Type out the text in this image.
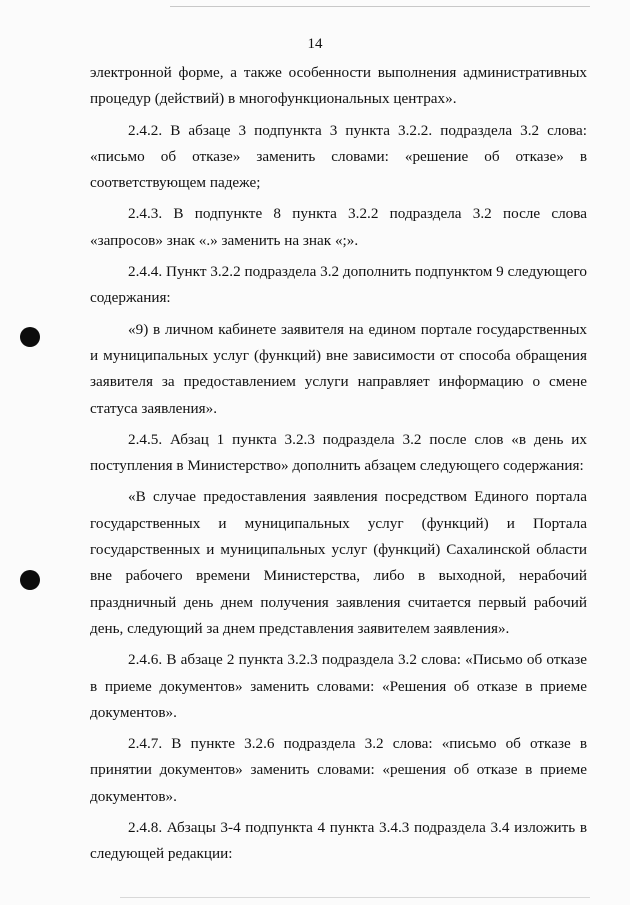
14

электронной форме, а также особенности выполнения административных процедур (действий) в многофункциональных центрах».

2.4.2. В абзаце 3 подпункта 3 пункта 3.2.2. подраздела 3.2 слова: «письмо об отказе» заменить словами: «решение об отказе» в соответствующем падеже;

2.4.3. В подпункте 8 пункта 3.2.2 подраздела 3.2 после слова «запросов» знак «.» заменить на знак «;».

2.4.4. Пункт 3.2.2 подраздела 3.2 дополнить подпунктом 9 следующего содержания:

«9) в личном кабинете заявителя на едином портале государственных и муниципальных услуг (функций) вне зависимости от способа обращения заявителя за предоставлением услуги направляет информацию о смене статуса заявления».

2.4.5. Абзац 1 пункта 3.2.3 подраздела 3.2 после слов «в день их поступления в Министерство» дополнить абзацем следующего содержания:

«В случае предоставления заявления посредством Единого портала государственных и муниципальных услуг (функций) и Портала государственных и муниципальных услуг (функций) Сахалинской области вне рабочего времени Министерства, либо в выходной, нерабочий праздничный день днем получения заявления считается первый рабочий день, следующий за днем представления заявителем заявления».

2.4.6. В абзаце 2 пункта 3.2.3 подраздела 3.2 слова: «Письмо об отказе в приеме документов» заменить словами: «Решения об отказе в приеме документов».

2.4.7. В пункте 3.2.6 подраздела 3.2 слова: «письмо об отказе в принятии документов» заменить словами: «решения об отказе в приеме документов».

2.4.8. Абзацы 3-4 подпункта 4 пункта 3.4.3 подраздела 3.4 изложить в следующей редакции:
